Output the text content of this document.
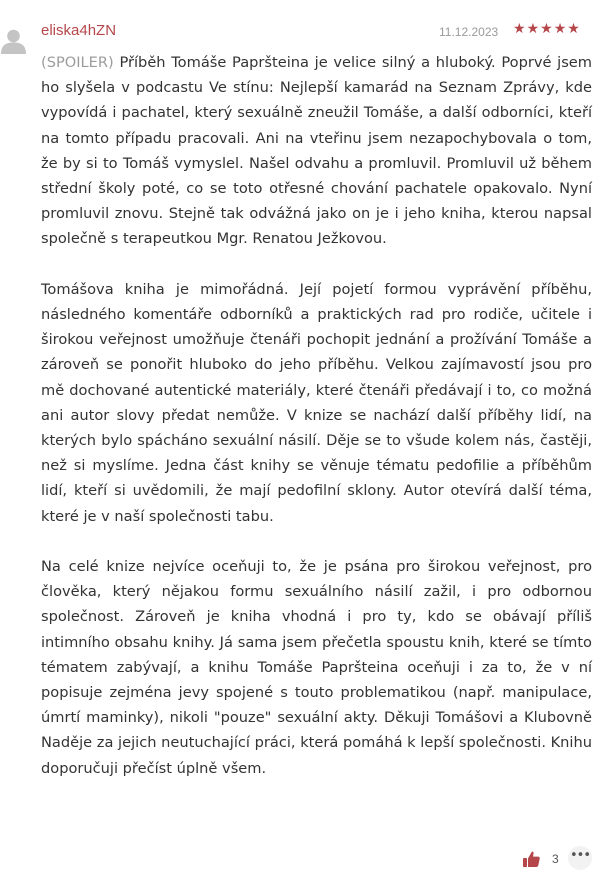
eliska4hZN	11.12.2023 ★★★★★

(SPOILER) Příběh Tomáše Papršteina je velice silný a hluboký. Poprvé jsem ho slyšela v podcastu Ve stínu: Nejlepší kamarád na Seznam Zprávy, kde vypovídá i pachatel, který sexuálně zneužil Tomáše, a další odborníci, kteří na tomto případu pracovali. Ani na vteřinu jsem nezapochybovala o tom, že by si to Tomáš vymyslel. Našel odvahu a promluvil. Promluvil už během střední školy poté, co se toto otřesné chování pachatele opakovalo. Nyní promluvil znovu. Stejně tak odvážná jako on je i jeho kniha, kterou napsal společně s terapeutkou Mgr. Renatou Ježkovou.

Tomášova kniha je mimořádná. Její pojetí formou vyprávění příběhu, následného komentáře odborníků a praktických rad pro rodiče, učitele i širokou veřejnost umožňuje čtenáři pochopit jednání a prožívání Tomáše a zároveň se ponořit hluboko do jeho příběhu. Velkou zajímavostí jsou pro mě dochované autentické materiály, které čtenáři předávají i to, co možná ani autor slovy předat nemůže. V knize se nachází další příběhy lidí, na kterých bylo spácháno sexuální násilí. Děje se to všude kolem nás, častěji, než si myslíme. Jedna část knihy se věnuje tématu pedofilie a příběhům lidí, kteří si uvědomili, že mají pedofilní sklony. Autor otevírá další téma, které je v naší společnosti tabu.

Na celé knize nejvíce oceňuji to, že je psána pro širokou veřejnost, pro člověka, který nějakou formu sexuálního násilí zažil, i pro odbornou společnost. Zároveň je kniha vhodná i pro ty, kdo se obávají příliš intimního obsahu knihy. Já sama jsem přečetla spoustu knih, které se tímto tématem zabývají, a knihu Tomáše Papršteina oceňuji i za to, že v ní popisuje zejména jevy spojené s touto problematikou (např. manipulace, úmrtí maminky), nikoli "pouze" sexuální akty. Děkuji Tomášovi a Klubovně Naděje za jejich neutuchající práci, která pomáhá k lepší společnosti. Knihu doporučuji přečíst úplně všem.

3 •••
